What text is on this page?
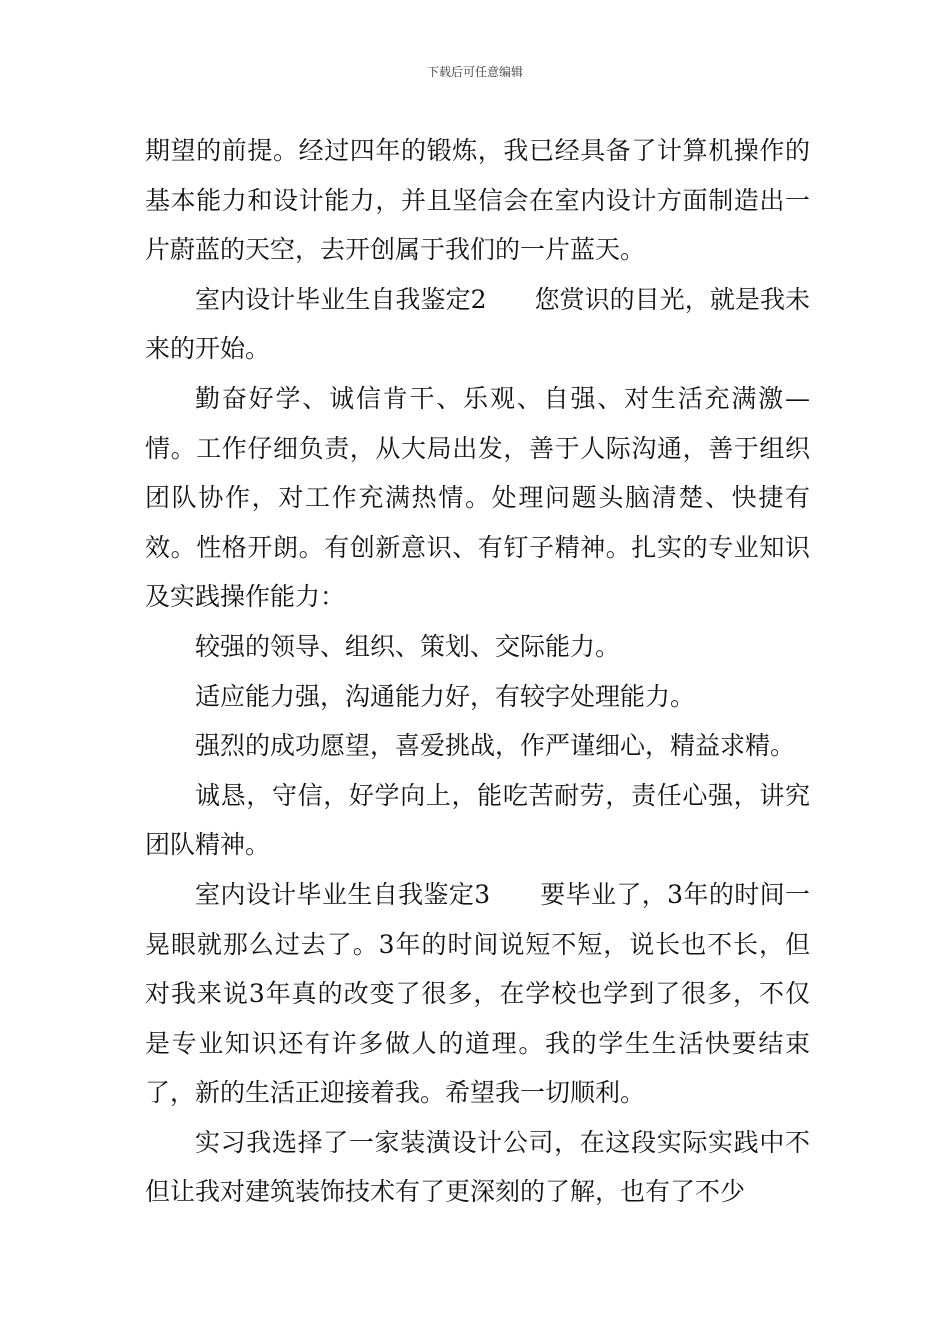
下载后可任意编辑

期望的前提。经过四年的锻炼，我已经具备了计算机操作的基本能力和设计能力，并且坚信会在室内设计方面制造出一片蔚蓝的天空，去开创属于我们的一片蓝天。

室内设计毕业生自我鉴定2      您赏识的目光，就是我未来的开始。

勤奋好学、诚信肯干、乐观、自强、对生活充满激—情。工作仔细负责，从大局出发，善于人际沟通，善于组织团队协作，对工作充满热情。处理问题头脑清楚、快捷有效。性格开朗。有创新意识、有钉子精神。扎实的专业知识及实践操作能力：

较强的领导、组织、策划、交际能力。

适应能力强，沟通能力好，有较字处理能力。

强烈的成功愿望，喜爱挑战，作严谨细心，精益求精。

诚恳，守信，好学向上，能吃苦耐劳，责任心强，讲究团队精神。

室内设计毕业生自我鉴定3      要毕业了，3年的时间一晃眼就那么过去了。3年的时间说短不短，说长也不长，但对我来说3年真的改变了很多，在学校也学到了很多，不仅是专业知识还有许多做人的道理。我的学生生活快要结束了，新的生活正迎接着我。希望我一切顺利。

实习我选择了一家装潢设计公司，在这段实际实践中不但让我对建筑装饰技术有了更深刻的了解，也有了不少
